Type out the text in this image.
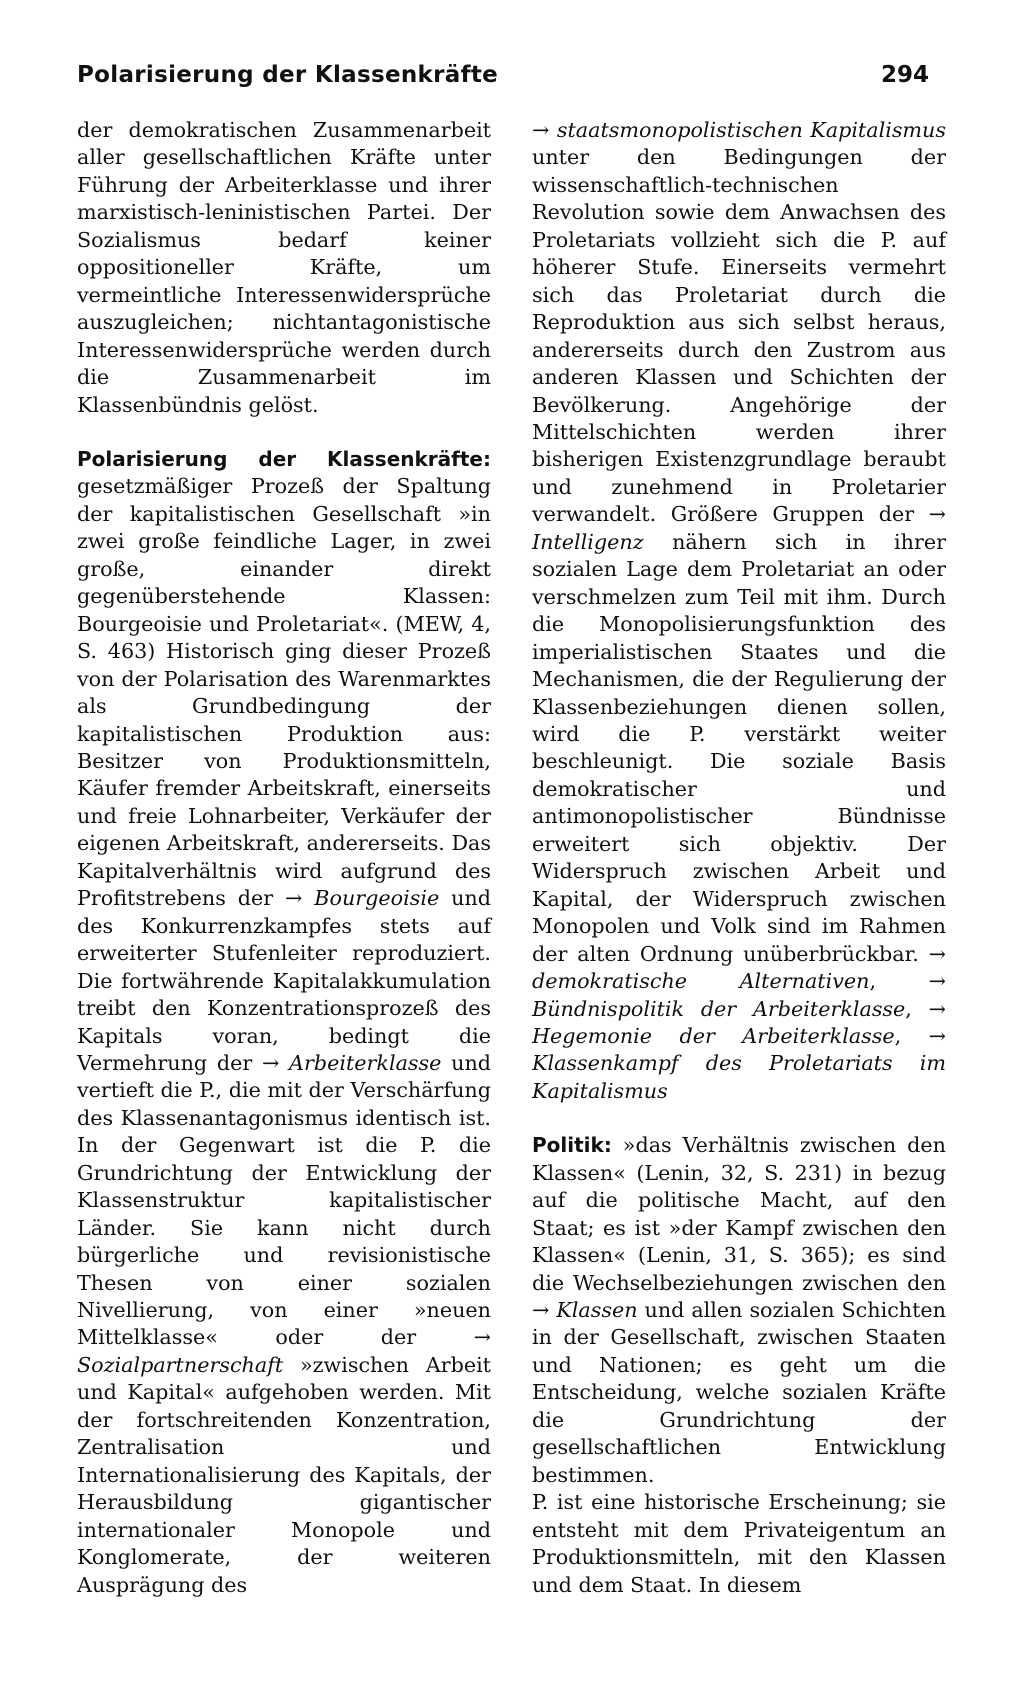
Polarisierung der Klassenkräfte	294

der demokratischen Zusammenarbeit aller gesellschaftlichen Kräfte unter Führung der Arbeiterklasse und ihrer marxistisch-leninistischen Partei. Der Sozialismus bedarf keiner oppositioneller Kräfte, um vermeintliche Interessenwidersprüche auszugleichen; nichtantagonistische Interessenwidersprüche werden durch die Zusammenarbeit im Klassenbündnis gelöst.

Polarisierung der Klassenkräfte: gesetzmäßiger Prozeß der Spaltung der kapitalistischen Gesellschaft »in zwei große feindliche Lager, in zwei große, einander direkt gegenüberstehende Klassen: Bourgeoisie und Proletariat«. (MEW, 4, S. 463) Historisch ging dieser Prozeß von der Polarisation des Warenmarktes als Grundbedingung der kapitalistischen Produktion aus: Besitzer von Produktionsmitteln, Käufer fremder Arbeitskraft, einerseits und freie Lohnarbeiter, Verkäufer der eigenen Arbeitskraft, andererseits. Das Kapitalverhältnis wird aufgrund des Profitstrebens der → Bourgeoisie und des Konkurrenzkampfes stets auf erweiterter Stufenleiter reproduziert. Die fortwährende Kapitalakkumulation treibt den Konzentrationsprozeß des Kapitals voran, bedingt die Vermehrung der → Arbeiterklasse und vertieft die P., die mit der Verschärfung des Klassenantagonismus identisch ist. In der Gegenwart ist die P. die Grundrichtung der Entwicklung der Klassenstruktur kapitalistischer Länder. Sie kann nicht durch bürgerliche und revisionistische Thesen von einer sozialen Nivellierung, von einer »neuen Mittelklasse« oder der → Sozialpartnerschaft »zwischen Arbeit und Kapital« aufgehoben werden. Mit der fortschreitenden Konzentration, Zentralisation und Internationalisierung des Kapitals, der Herausbildung gigantischer internationaler Monopole und Konglomerate, der weiteren Ausprägung des

→ staatsmonopolistischen Kapitalismus unter den Bedingungen der wissenschaftlich-technischen Revolution sowie dem Anwachsen des Proletariats vollzieht sich die P. auf höherer Stufe. Einerseits vermehrt sich das Proletariat durch die Reproduktion aus sich selbst heraus, andererseits durch den Zustrom aus anderen Klassen und Schichten der Bevölkerung. Angehörige der Mittelschichten werden ihrer bisherigen Existenzgrundlage beraubt und zunehmend in Proletarier verwandelt. Größere Gruppen der → Intelligenz nähern sich in ihrer sozialen Lage dem Proletariat an oder verschmelzen zum Teil mit ihm. Durch die Monopolisierungsfunktion des imperialistischen Staates und die Mechanismen, die der Regulierung der Klassenbeziehungen dienen sollen, wird die P. verstärkt weiter beschleunigt. Die soziale Basis demokratischer und antimonopolistischer Bündnisse erweitert sich objektiv. Der Widerspruch zwischen Arbeit und Kapital, der Widerspruch zwischen Monopolen und Volk sind im Rahmen der alten Ordnung unüberbrückbar. → demokratische Alternativen, → Bündnispolitik der Arbeiterklasse, → Hegemonie der Arbeiterklasse, → Klassenkampf des Proletariats im Kapitalismus

Politik: »das Verhältnis zwischen den Klassen« (Lenin, 32, S. 231) in bezug auf die politische Macht, auf den Staat; es ist »der Kampf zwischen den Klassen« (Lenin, 31, S. 365); es sind die Wechselbeziehungen zwischen den → Klassen und allen sozialen Schichten in der Gesellschaft, zwischen Staaten und Nationen; es geht um die Entscheidung, welche sozialen Kräfte die Grundrichtung der gesellschaftlichen Entwicklung bestimmen.

P. ist eine historische Erscheinung; sie entsteht mit dem Privateigentum an Produktionsmitteln, mit den Klassen und dem Staat. In diesem
